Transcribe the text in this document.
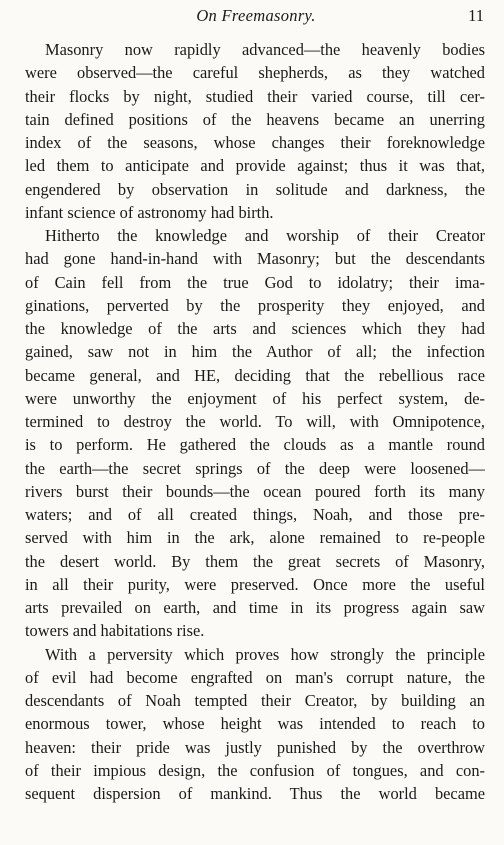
On Freemasonry.	11
Masonry now rapidly advanced—the heavenly bodies
were observed—the careful shepherds, as they watched
their flocks by night, studied their varied course, till cer-
tain defined positions of the heavens became an unerring
index of the seasons, whose changes their foreknowledge
led them to anticipate and provide against; thus it was that,
engendered by observation in solitude and darkness, the
infant science of astronomy had birth.
Hitherto the knowledge and worship of their Creator
had gone hand-in-hand with Masonry; but the descendants
of Cain fell from the true God to idolatry; their ima-
ginations, perverted by the prosperity they enjoyed, and
the knowledge of the arts and sciences which they had
gained, saw not in him the Author of all; the infection
became general, and HE, deciding that the rebellious race
were unworthy the enjoyment of his perfect system, de-
termined to destroy the world. To will, with Omnipotence,
is to perform. He gathered the clouds as a mantle round
the earth—the secret springs of the deep were loosened—
rivers burst their bounds—the ocean poured forth its many
waters; and of all created things, Noah, and those pre-
served with him in the ark, alone remained to re-people
the desert world. By them the great secrets of Masonry,
in all their purity, were preserved. Once more the useful
arts prevailed on earth, and time in its progress again saw
towers and habitations rise.
With a perversity which proves how strongly the principle
of evil had become engrafted on man's corrupt nature, the
descendants of Noah tempted their Creator, by building an
enormous tower, whose height was intended to reach to
heaven: their pride was justly punished by the overthrow
of their impious design, the confusion of tongues, and con-
sequent dispersion of mankind. Thus the world became
